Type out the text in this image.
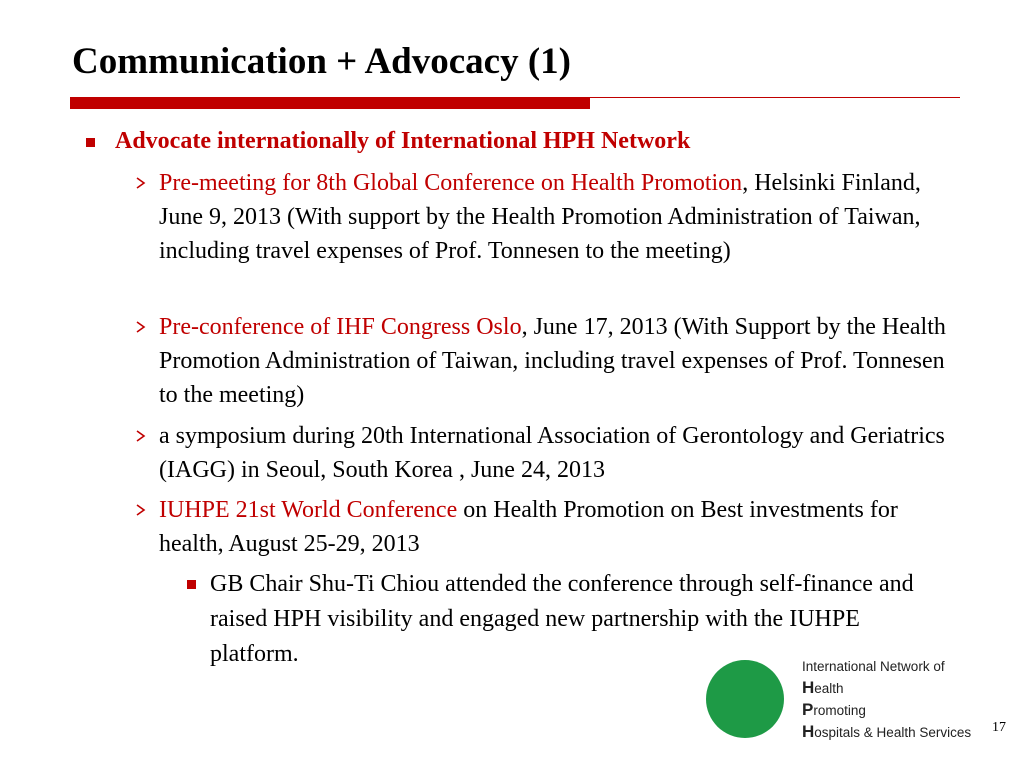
Communication + Advocacy (1)
Advocate internationally of International HPH Network
Pre-meeting for 8th Global Conference on Health Promotion, Helsinki Finland, June 9, 2013 (With support by the Health Promotion Administration of Taiwan, including travel expenses of Prof. Tonnesen to the meeting)
Pre-conference of IHF Congress Oslo, June 17, 2013 (With Support by the Health Promotion Administration of Taiwan, including travel expenses of Prof. Tonnesen to the meeting)
a symposium during 20th International Association of Gerontology and Geriatrics (IAGG) in Seoul, South Korea , June 24, 2013
IUHPE 21st World Conference on Health Promotion on Best investments for health, August 25-29, 2013
GB Chair Shu-Ti Chiou attended the conference through self-finance and raised HPH visibility and engaged new partnership with the IUHPE platform.	International Network of
Health
Promoting
Hospitals & Health Services	17
